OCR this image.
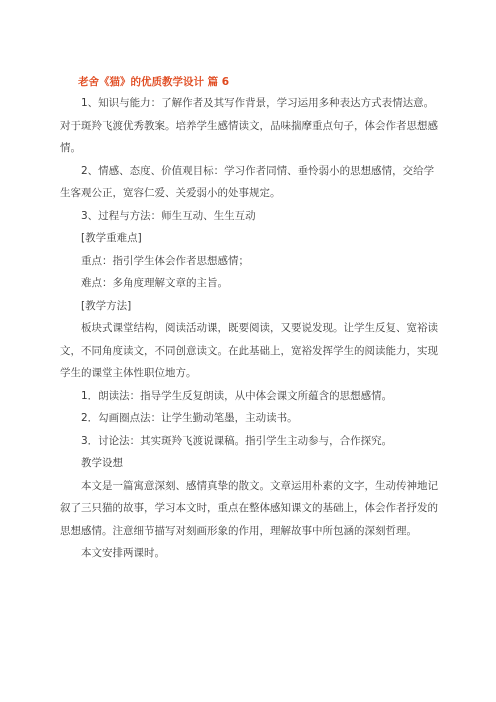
老舍《猫》的优质教学设计 篇 6

1、知识与能力：了解作者及其写作背景，学习运用多种表达方式表情达意。对于斑羚飞渡优秀教案。培养学生感情读文，品味揣摩重点句子，体会作者思想感情。

2、情感、态度、价值观目标：学习作者同情、垂怜弱小的思想感情，交给学生客观公正，宽容仁爱、关爱弱小的处事规定。

3、过程与方法：师生互动、生生互动

[教学重难点]

重点：指引学生体会作者思想感情；

难点：多角度理解文章的主旨。

[教学方法]

板块式课堂结构，阅读活动课，既要阅读，又要说发现。让学生反复、宽裕读文，不同角度读文，不同创意读文。在此基础上，宽裕发挥学生的阅读能力，实现学生的课堂主体性职位地方。

1．朗读法：指导学生反复朗读，从中体会课文所蕴含的思想感情。

2．勾画圈点法：让学生勤动笔墨，主动读书。

3．讨论法：其实斑羚飞渡说课稿。指引学生主动参与，合作探究。

教学设想

本文是一篇寓意深刻、感情真挚的散文。文章运用朴素的文字，生动传神地记叙了三只猫的故事，学习本文时，重点在整体感知课文的基础上，体会作者抒发的思想感情。注意细节描写对刻画形象的作用，理解故事中所包涵的深刻哲理。

本文安排两课时。
